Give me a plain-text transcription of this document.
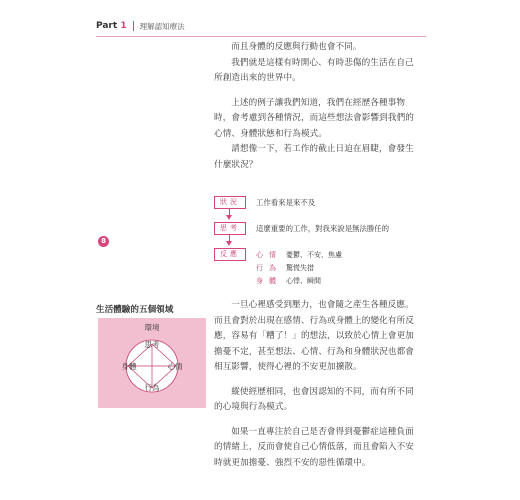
Part 1 理解認知療法

而且身體的反應與行動也會不同。

我們就是這樣有時開心、有時悲傷的生活在自己所創造出來的世界中。

上述的例子讓我們知道，我們在經歷各種事物時，會考慮到各種情況，而這些想法會影響到我們的心情、身體狀態和行為模式。

請想像一下，若工作的截止日迫在眉睫，會發生什麼狀況？

8
狀況	工作看來是來不及
思考	這麼重要的工作，對我來說是無法勝任的
反應	心情 憂鬱、不安、焦慮
行為 驚慌失措
身體 心悸、瞬間
生活體驗的五個領域
環境
思考
身體	心情
行為

一旦心裡感受到壓力，也會隨之產生各種反應。而且會對於出現在感情、行為或身體上的變化有所反應，容易有「糟了！」的想法，以致於心情上會更加擔憂不定，甚至想法、心情、行為和身體狀況也都會相互影響，使得心裡的不安更加擴散。

縱使經歷相同，也會因認知的不同，而有所不同的心境與行為模式。

如果一直專注於自己是否會得到憂鬱症這種負面的情緒上，反而會使自己心情低落，而且會陷入不安時就更加擔憂、強烈不安的惡性循環中。
